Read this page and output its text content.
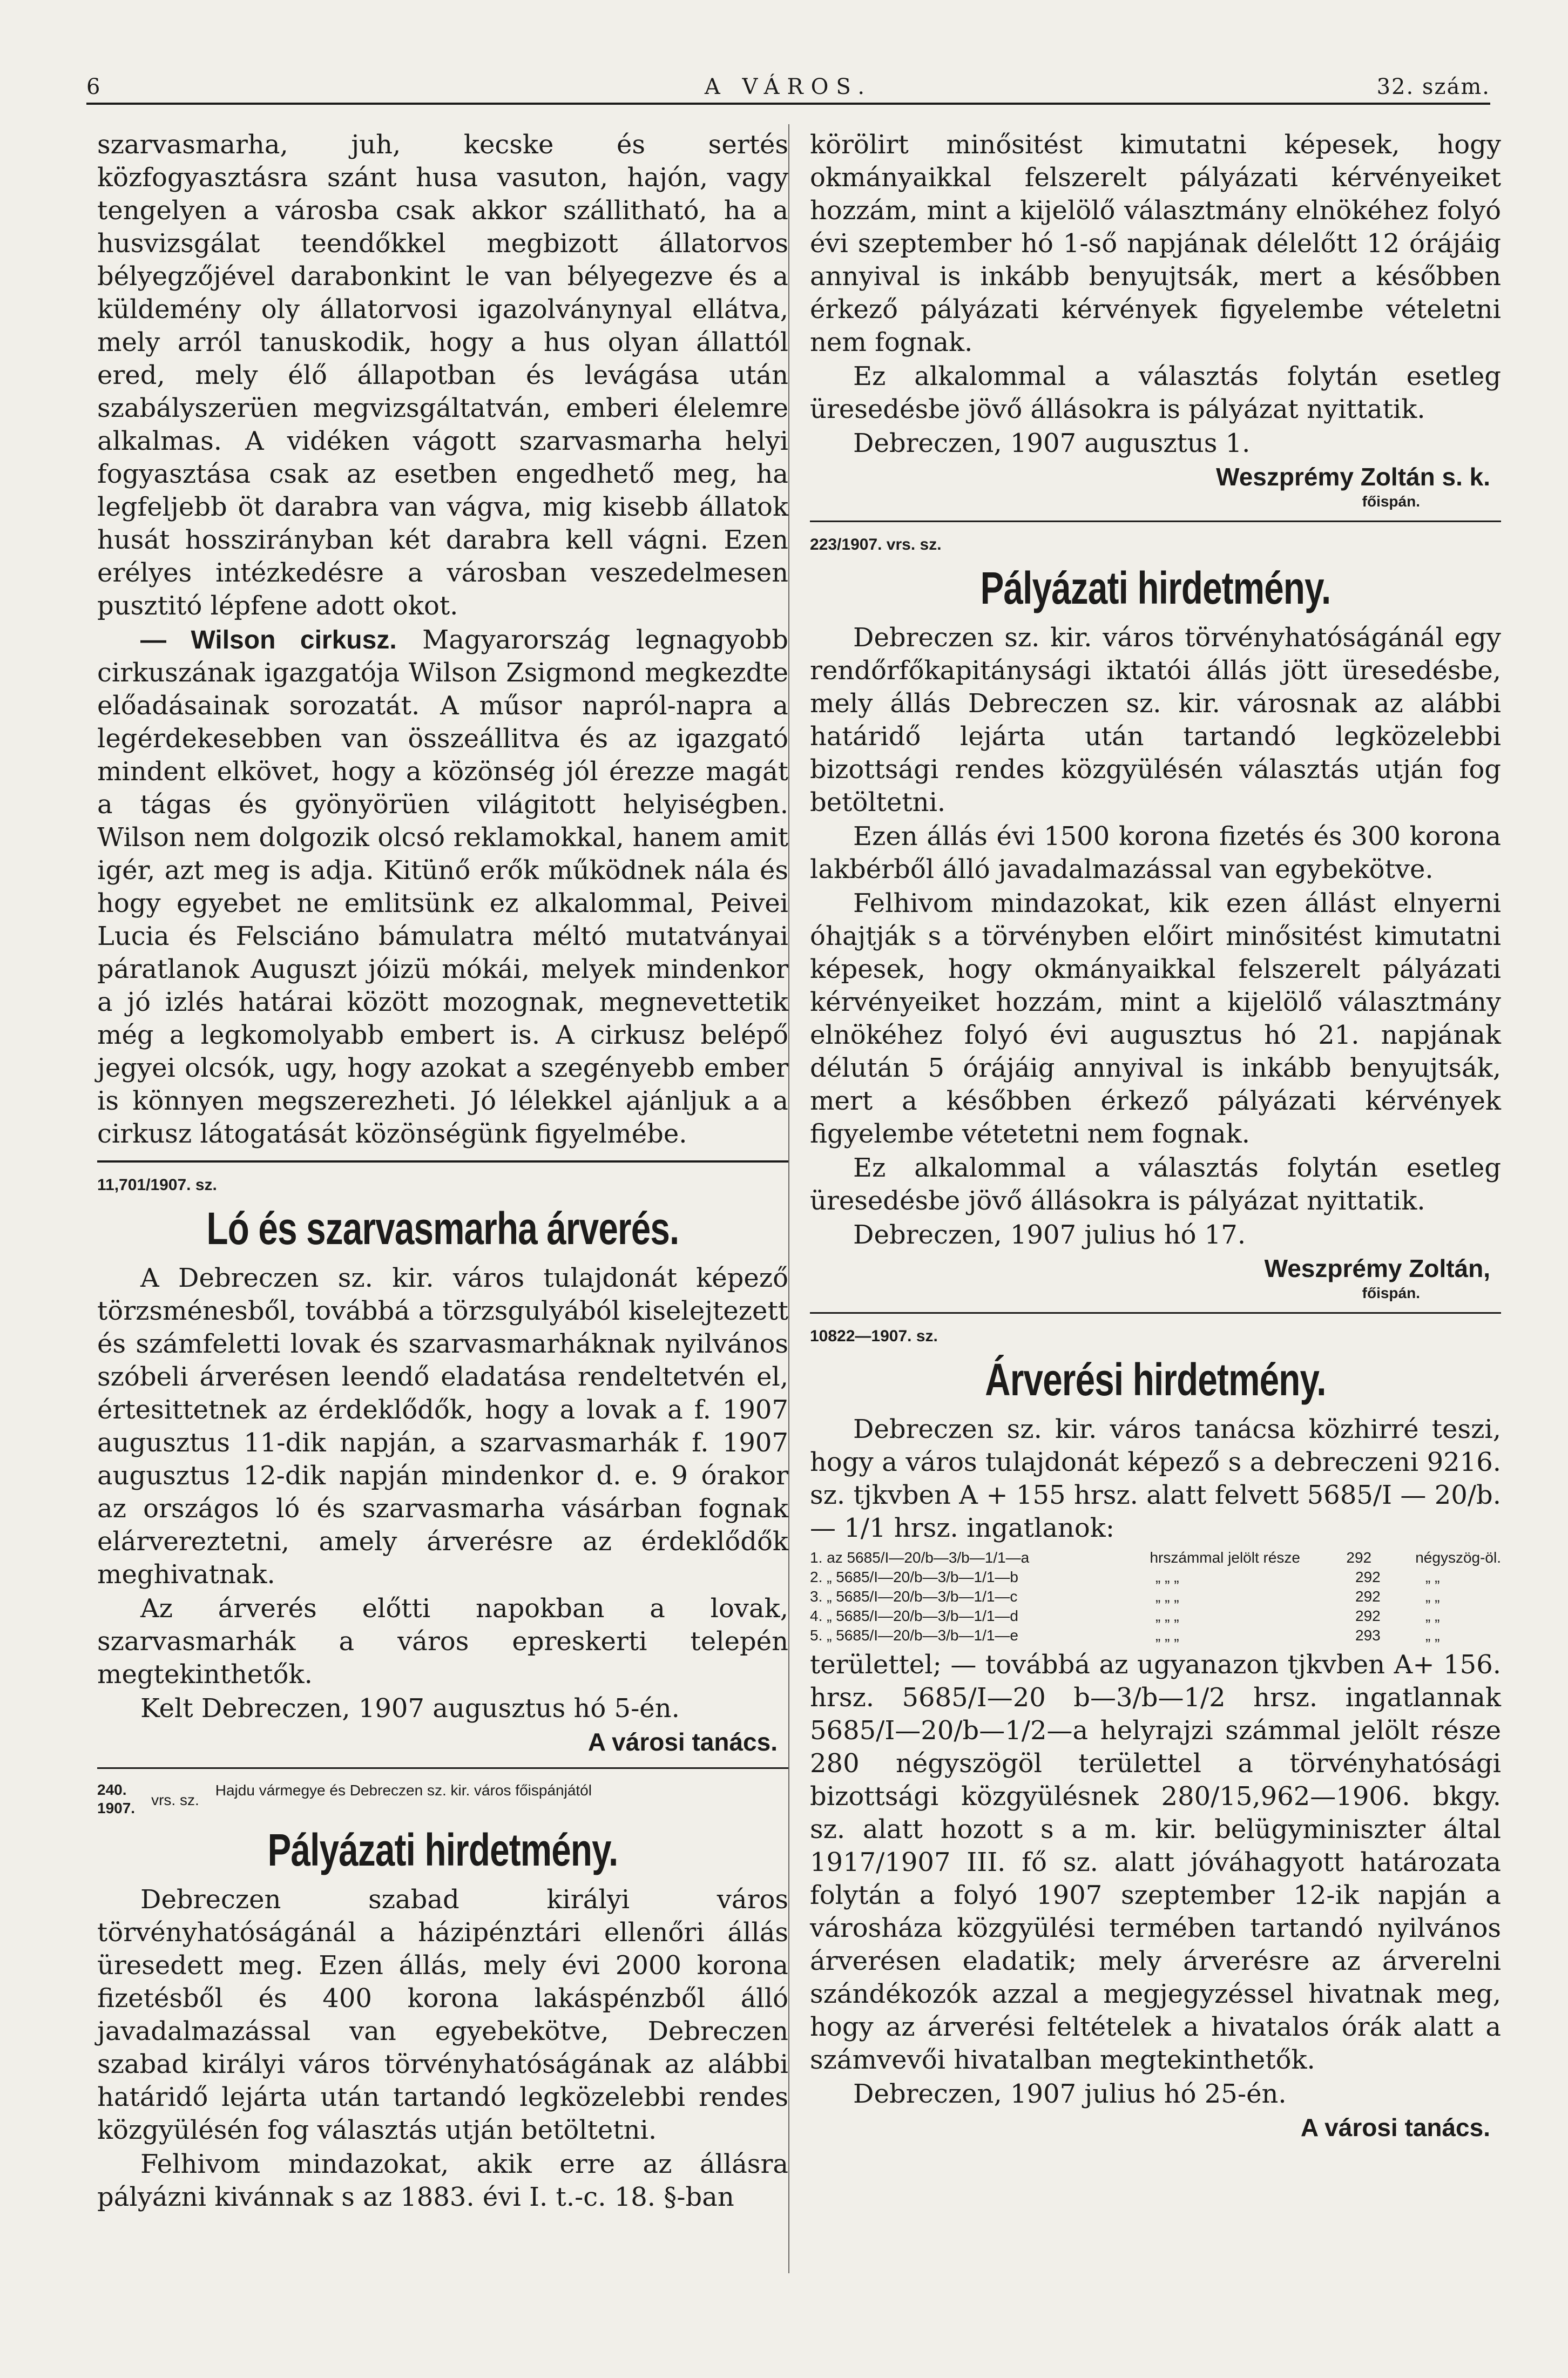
6	A VÁROS.	32. szám.

szarvasmarha, juh, kecske és sertés közfogyasztásra szánt husa vasuton, hajón, vagy tengelyen a városba csak akkor szállitható, ha a husvizsgálat teendőkkel megbizott állatorvos bélyegzőjével darabonkint le van bélyegezve és a küldemény oly állatorvosi igazolványnyal ellátva, mely arról tanuskodik, hogy a hus olyan állattól ered, mely élő állapotban és levágása után szabályszerüen megvizsgáltatván, emberi élelemre alkalmas. A vidéken vágott szarvasmarha helyi fogyasztása csak az esetben engedhető meg, ha legfeljebb öt darabra van vágva, mig kisebb állatok husát hosszirányban két darabra kell vágni. Ezen erélyes intézkedésre a városban veszedelmesen pusztitó lépfene adott okot.

— Wilson cirkusz. Magyarország legnagyobb cirkuszának igazgatója Wilson Zsigmond megkezdte előadásainak sorozatát. A műsor napról-napra a legérdekesebben van összeállitva és az igazgató mindent elkövet, hogy a közönség jól érezze magát a tágas és gyönyörüen világitott helyiségben. Wilson nem dolgozik olcsó reklamokkal, hanem amit igér, azt meg is adja. Kitünő erők működnek nála és hogy egyebet ne emlitsünk ez alkalommal, Peivei Lucia és Felsciáno bámulatra méltó mutatványai páratlanok Auguszt jóizü mókái, melyek mindenkor a jó izlés határai között mozognak, megnevettetik még a legkomolyabb embert is. A cirkusz belépő jegyei olcsók, ugy, hogy azokat a szegényebb ember is könnyen megszerezheti. Jó lélekkel ajánljuk a a cirkusz látogatását közönségünk figyelmébe.

11,701/1907. sz.
Ló és szarvasmarha árverés.

A Debreczen sz. kir. város tulajdonát képező törzsménesből, továbbá a törzsgulyából kiselejtezett és számfeletti lovak és szarvasmarháknak nyilvános szóbeli árverésen leendő eladatása rendeltetvén el, értesittetnek az érdeklődők, hogy a lovak a f. 1907 augusztus 11-dik napján, a szarvasmarhák f. 1907 augusztus 12-dik napján mindenkor d. e. 9 órakor az országos ló és szarvasmarha vásárban fognak elárvereztetni, amely árverésre az érdeklődők meghivatnak.

Az árverés előtti napokban a lovak, szarvasmarhák a város epreskerti telepén megtekinthetők.

Kelt Debreczen, 1907 augusztus hó 5-én.

A városi tanács.
240.
1907. vrs. sz.
Hajdu vármegye és Debreczen sz. kir. város főispánjától
Pályázati hirdetmény.

Debreczen szabad királyi város törvényhatóságánál a házipénztári ellenőri állás üresedett meg. Ezen állás, mely évi 2000 korona fizetésből és 400 korona lakáspénzből álló javadalmazással van egyebekötve, Debreczen szabad királyi város törvényhatóságának az alábbi határidő lejárta után tartandó legközelebbi rendes közgyülésén fog választás utján betöltetni.

Felhivom mindazokat, akik erre az állásra pályázni kivánnak s az 1883. évi I. t.-c. 18. §-ban

körölirt minősitést kimutatni képesek, hogy okmányaikkal felszerelt pályázati kérvényeiket hozzám, mint a kijelölő választmány elnökéhez folyó évi szeptember hó 1-ső napjának délelőtt 12 órájáig annyival is inkább benyujtsák, mert a későbben érkező pályázati kérvények figyelembe vételetni nem fognak.

Ez alkalommal a választás folytán esetleg üresedésbe jövő állásokra is pályázat nyittatik.

Debreczen, 1907 augusztus 1.

Weszprémy Zoltán s. k.
főispán.
223/1907. vrs. sz.
Pályázati hirdetmény.

Debreczen sz. kir. város törvényhatóságánál egy rendőrfőkapitánysági iktatói állás jött üresedésbe, mely állás Debreczen sz. kir. városnak az alábbi határidő lejárta után tartandó legközelebbi bizottsági rendes közgyülésén választás utján fog betöltetni.

Ezen állás évi 1500 korona fizetés és 300 korona lakbérből álló javadalmazással van egybekötve.

Felhivom mindazokat, kik ezen állást elnyerni óhajtják s a törvényben előirt minősitést kimutatni képesek, hogy okmányaikkal felszerelt pályázati kérvényeiket hozzám, mint a kijelölő választmány elnökéhez folyó évi augusztus hó 21. napjának délután 5 órájáig annyival is inkább benyujtsák, mert a későbben érkező pályázati kérvények figyelembe vétetetni nem fognak.

Ez alkalommal a választás folytán esetleg üresedésbe jövő állásokra is pályázat nyittatik.

Debreczen, 1907 julius hó 17.

Weszprémy Zoltán,
főispán.
10822—1907. sz.
Árverési hirdetmény.

Debreczen sz. kir. város tanácsa közhirré teszi, hogy a város tulajdonát képező s a debreczeni 9216. sz. tjkvben A + 155 hrsz. alatt felvett 5685/I — 20/b. — 1/1 hrsz. ingatlanok:

1. az 5685/I—20/b—3/b—1/1—a	hrszámmal jelölt része	292	négyszög-öl.
2. „ 5685/I—20/b—3/b—1/1—b	„ „ „	292	„ „
3. „ 5685/I—20/b—3/b—1/1—c	„ „ „	292	„ „
4. „ 5685/I—20/b—3/b—1/1—d	„ „ „	292	„ „
5. „ 5685/I—20/b—3/b—1/1—e	„ „ „	293	„ „

területtel; — továbbá az ugyanazon tjkvben A+ 156. hrsz. 5685/I—20 b—3/b—1/2 hrsz. ingatlannak 5685/I—20/b—1/2—a helyrajzi számmal jelölt része 280 négyszögöl területtel a törvényhatósági bizottsági közgyülésnek 280/15,962—1906. bkgy. sz. alatt hozott s a m. kir. belügyminiszter által 1917/1907 III. fő sz. alatt jóváhagyott határozata folytán a folyó 1907 szeptember 12-ik napján a városháza közgyülési termében tartandó nyilvános árverésen eladatik; mely árverésre az árverelni szándékozók azzal a megjegyzéssel hivatnak meg, hogy az árverési feltételek a hivatalos órák alatt a számvevői hivatalban megtekinthetők.

Debreczen, 1907 julius hó 25-én.

A városi tanács.
